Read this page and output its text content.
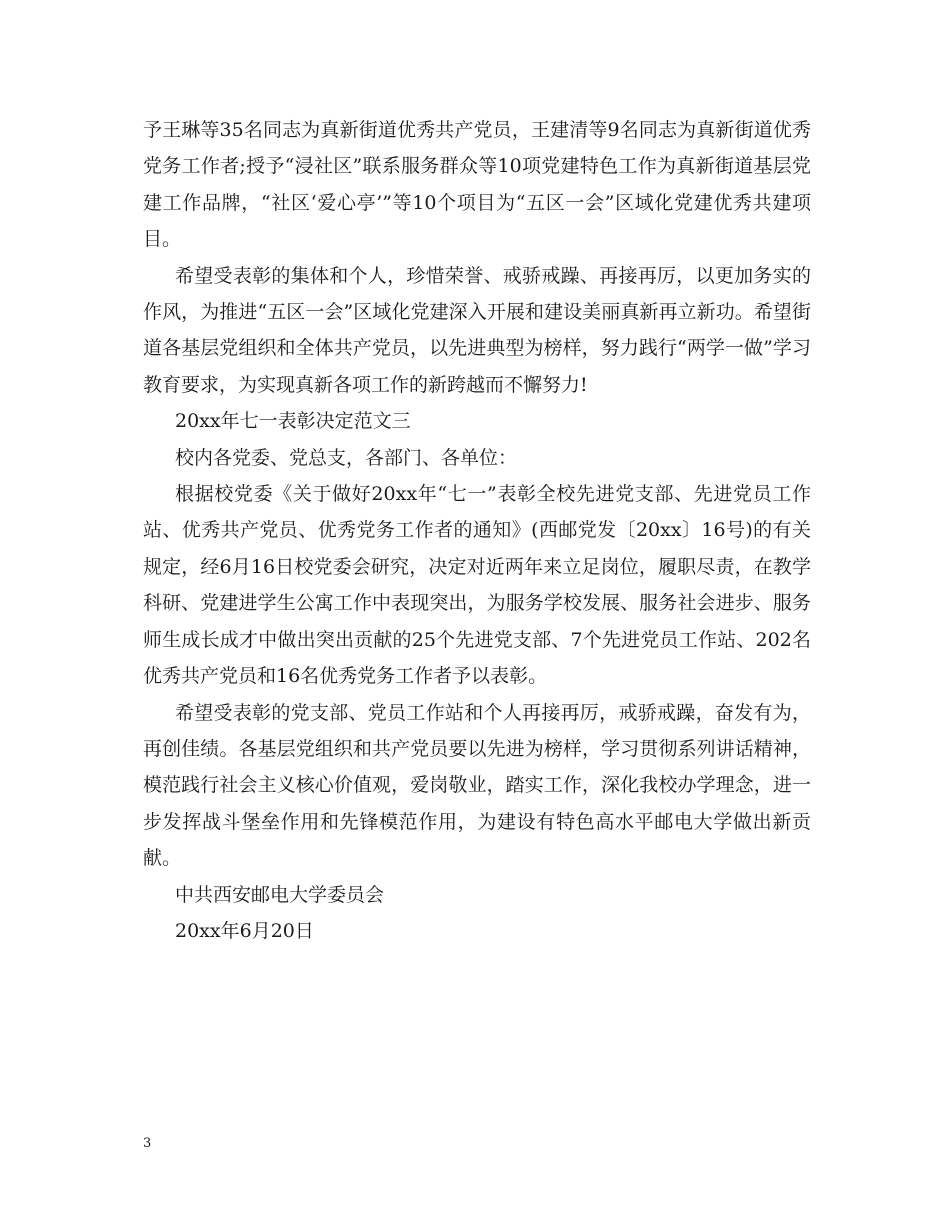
予王琳等35名同志为真新街道优秀共产党员，王建清等9名同志为真新街道优秀党务工作者;授予“浸社区”联系服务群众等10项党建特色工作为真新街道基层党建工作品牌，“社区‘爱心亭’”等10个项目为“五区一会”区域化党建优秀共建项目。

希望受表彰的集体和个人，珍惜荣誉、戒骄戒躁、再接再厉，以更加务实的作风，为推进“五区一会”区域化党建深入开展和建设美丽真新再立新功。希望街道各基层党组织和全体共产党员，以先进典型为榜样，努力践行“两学一做”学习教育要求，为实现真新各项工作的新跨越而不懈努力!

20xx年七一表彰决定范文三

校内各党委、党总支，各部门、各单位：

根据校党委《关于做好20xx年“七一”表彰全校先进党支部、先进党员工作站、优秀共产党员、优秀党务工作者的通知》(西邮党发〔20xx〕16号)的有关规定，经6月16日校党委会研究，决定对近两年来立足岗位，履职尽责，在教学科研、党建进学生公寓工作中表现突出，为服务学校发展、服务社会进步、服务师生成长成才中做出突出贡献的25个先进党支部、7个先进党员工作站、202名优秀共产党员和16名优秀党务工作者予以表彰。

希望受表彰的党支部、党员工作站和个人再接再厉，戒骄戒躁，奋发有为，再创佳绩。各基层党组织和共产党员要以先进为榜样，学习贯彻系列讲话精神，模范践行社会主义核心价值观，爱岗敬业，踏实工作，深化我校办学理念，进一步发挥战斗堡垒作用和先锋模范作用，为建设有特色高水平邮电大学做出新贡献。

中共西安邮电大学委员会

20xx年6月20日

3
